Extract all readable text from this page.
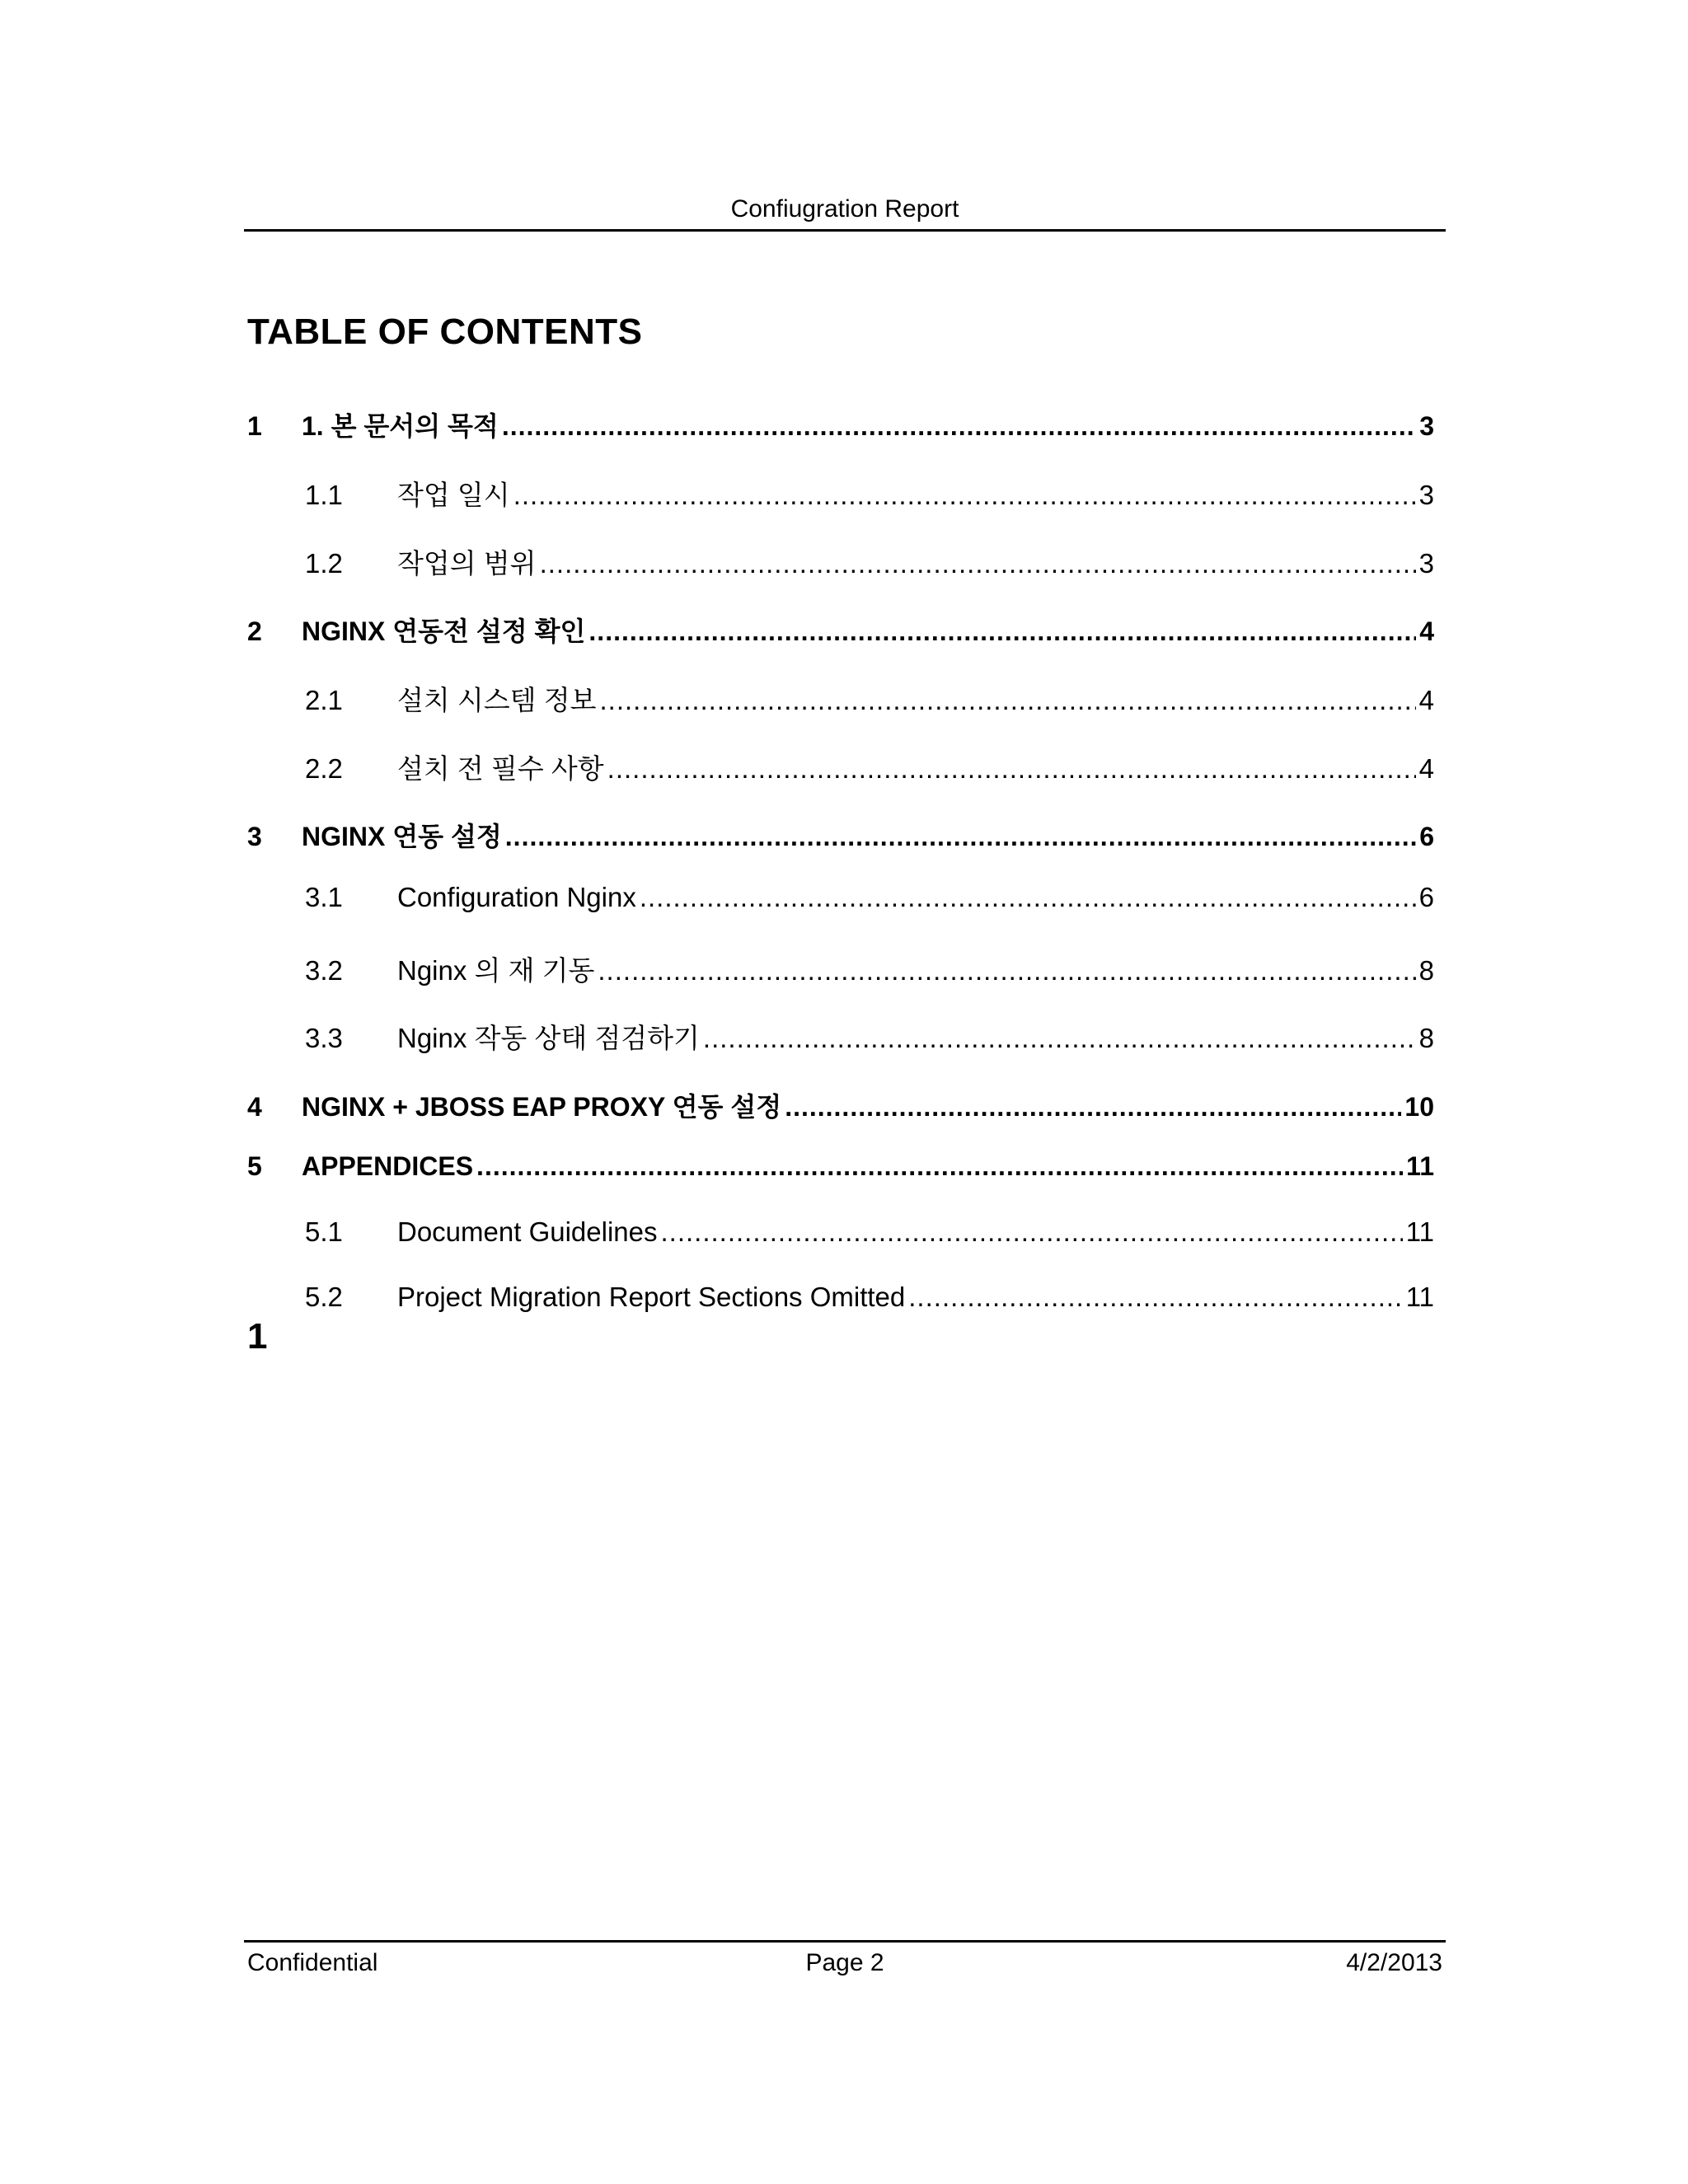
Confiugration Report
TABLE OF CONTENTS
1	1. 본 문서의 목적 .....	3
1.1	작업 일시 .....	3
1.2	작업의 범위 .....	3
2	NGINX 연동전 설정 확인 .....	4
2.1	설치 시스템 정보 .....	4
2.2	설치 전 필수 사항 .....	4
3	NGINX 연동 설정 .....	6
3.1	Configuration Nginx .....	6
3.2	Nginx 의 재 기동 .....	8
3.3	Nginx 작동 상태 점검하기 .....	8
4	NGINX + JBOSS EAP PROXY 연동 설정 .....	10
5	APPENDICES .....	11
5.1	Document Guidelines .....	11
5.2	Project Migration Report Sections Omitted .....	11
1
Confidential	Page 2	4/2/2013
